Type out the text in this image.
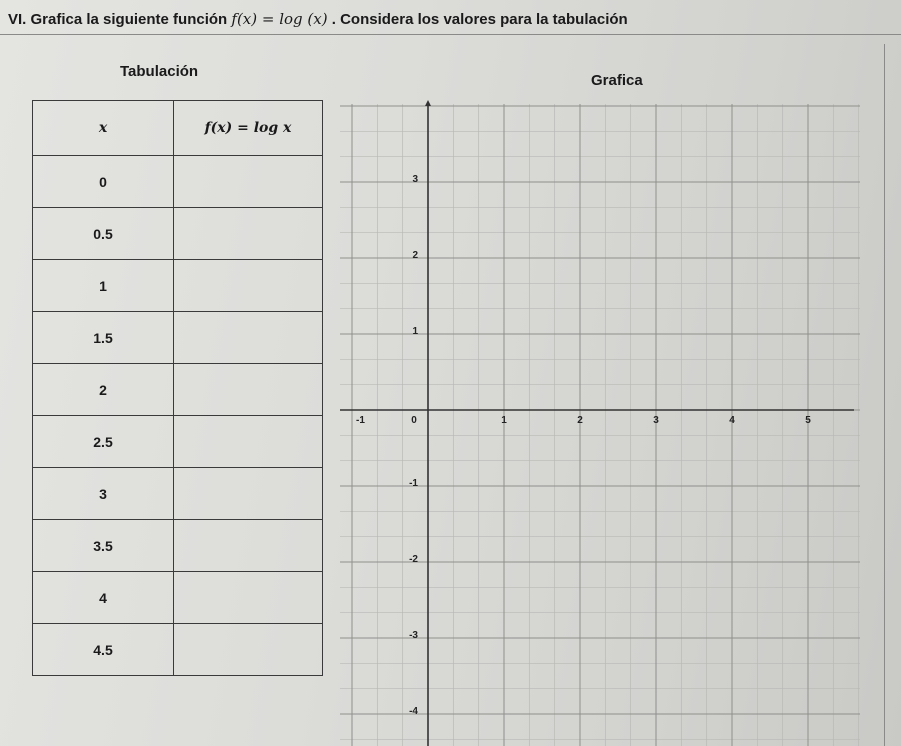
VI. Grafica la siguiente función f(x) = log (x) . Considera los valores para la tabulación
Tabulación
Grafica
x	f(x) = log x
0	
0.5	
1	
1.5	
2	
2.5	
3	
3.5	
4	
4.5	
-1	0	1	2	3	4	5
3
2
1
-1
-2
-3
-4
